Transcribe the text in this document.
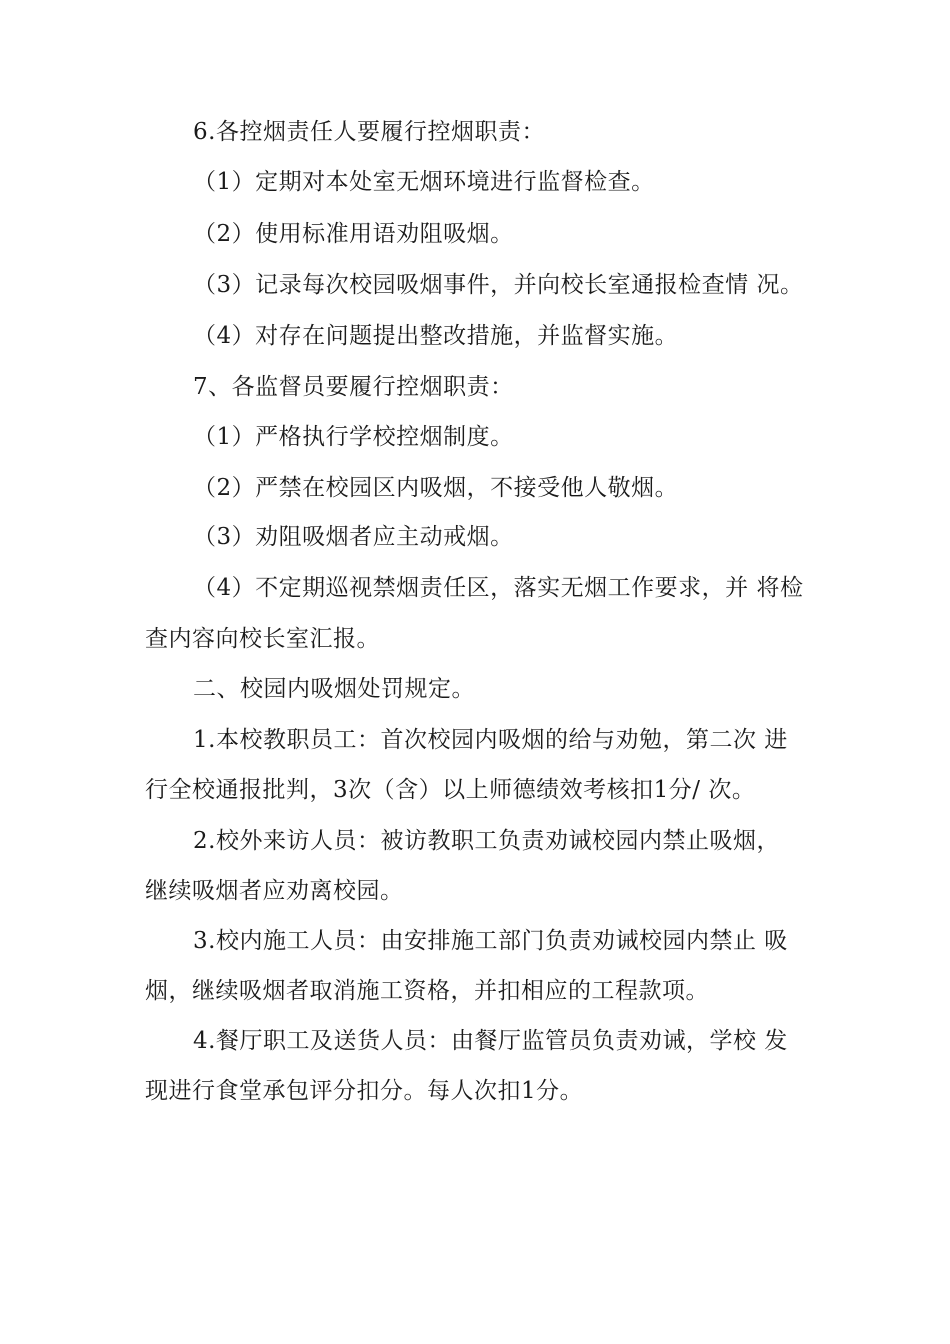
6.各控烟责任人要履行控烟职责：
（1）定期对本处室无烟环境进行监督检查。
（2）使用标准用语劝阻吸烟。
（3）记录每次校园吸烟事件，并向校长室通报检查情 况。
（4）对存在问题提出整改措施，并监督实施。
7、各监督员要履行控烟职责：
（1）严格执行学校控烟制度。
（2）严禁在校园区内吸烟，不接受他人敬烟。
（3）劝阻吸烟者应主动戒烟。
（4）不定期巡视禁烟责任区，落实无烟工作要求，并 将检
查内容向校长室汇报。
二、校园内吸烟处罚规定。
1.本校教职员工：首次校园内吸烟的给与劝勉，第二次 进
行全校通报批判，3次（含）以上师德绩效考核扣1分/ 次。
2.校外来访人员：被访教职工负责劝诫校园内禁止吸烟，
继续吸烟者应劝离校园。
3.校内施工人员：由安排施工部门负责劝诫校园内禁止 吸
烟，继续吸烟者取消施工资格，并扣相应的工程款项。
4.餐厅职工及送货人员：由餐厅监管员负责劝诫，学校 发
现进行食堂承包评分扣分。每人次扣1分。
